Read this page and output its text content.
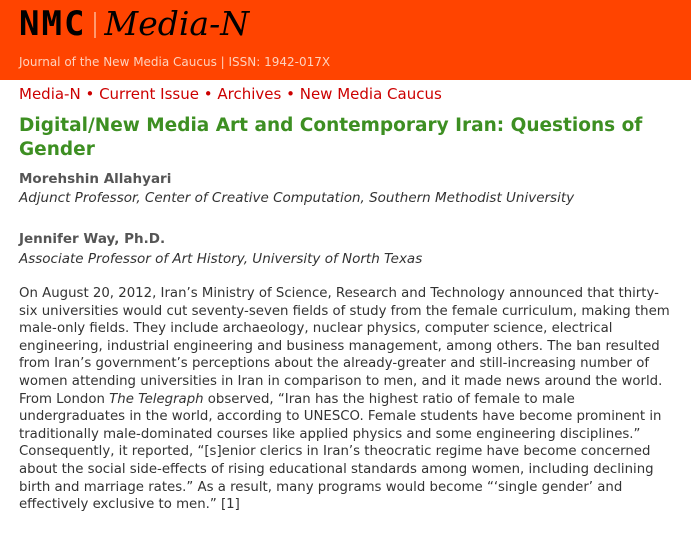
NMC Media-N
Journal of the New Media Caucus | ISSN: 1942-017X
Media-N • Current Issue • Archives • New Media Caucus
Digital/New Media Art and Contemporary Iran: Questions of Gender
Morehshin Allahyari
Adjunct Professor, Center of Creative Computation, Southern Methodist University
Jennifer Way, Ph.D.
Associate Professor of Art History, University of North Texas

On August 20, 2012, Iran’s Ministry of Science, Research and Technology announced that thirty-six universities would cut seventy-seven fields of study from the female curriculum, making them male-only fields. They include archaeology, nuclear physics, computer science, electrical engineering, industrial engineering and business management, among others. The ban resulted from Iran’s government’s perceptions about the already-greater and still-increasing number of women attending universities in Iran in comparison to men, and it made news around the world. From London The Telegraph observed, “Iran has the highest ratio of female to male undergraduates in the world, according to UNESCO. Female students have become prominent in traditionally male-dominated courses like applied physics and some engineering disciplines.” Consequently, it reported, “[s]enior clerics in Iran’s theocratic regime have become concerned about the social side-effects of rising educational standards among women, including declining birth and marriage rates.” As a result, many programs would become “‘single gender’ and effectively exclusive to men.” [1]
